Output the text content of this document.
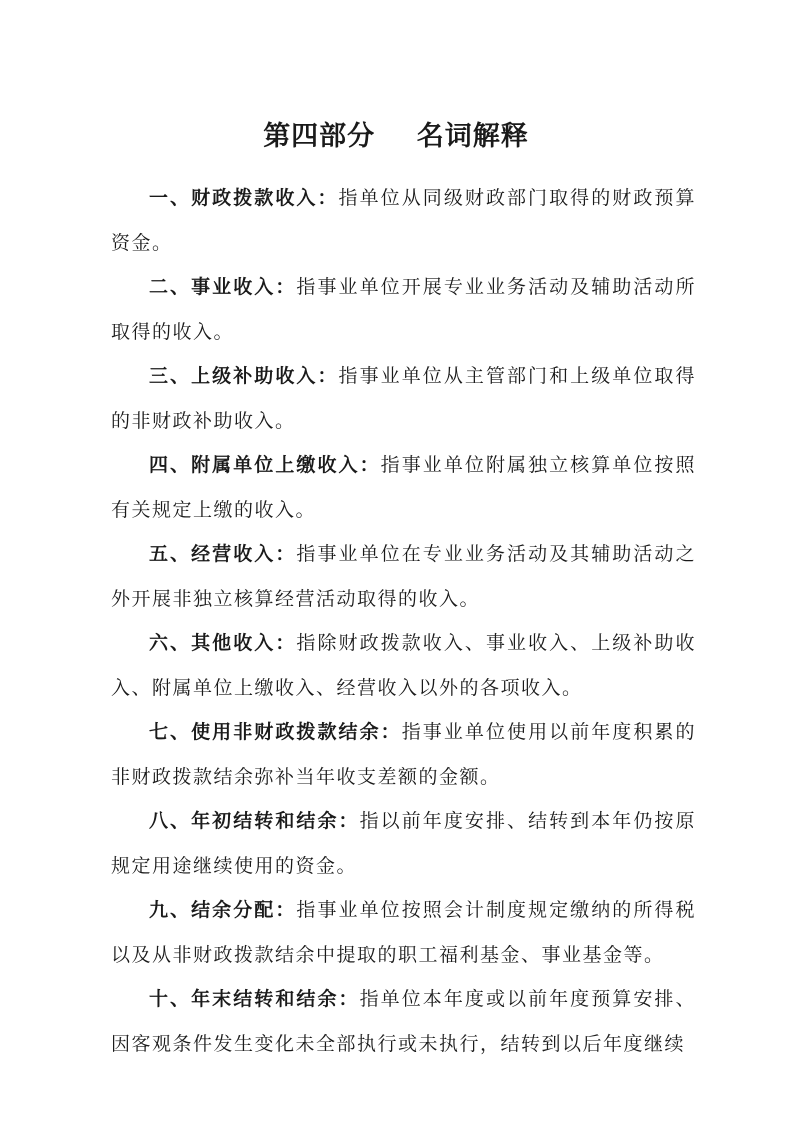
第四部分    名词解释

一、财政拨款收入：指单位从同级财政部门取得的财政预算资金。

二、事业收入：指事业单位开展专业业务活动及辅助活动所取得的收入。

三、上级补助收入：指事业单位从主管部门和上级单位取得的非财政补助收入。

四、附属单位上缴收入：指事业单位附属独立核算单位按照有关规定上缴的收入。

五、经营收入：指事业单位在专业业务活动及其辅助活动之外开展非独立核算经营活动取得的收入。

六、其他收入：指除财政拨款收入、事业收入、上级补助收入、附属单位上缴收入、经营收入以外的各项收入。

七、使用非财政拨款结余：指事业单位使用以前年度积累的非财政拨款结余弥补当年收支差额的金额。

八、年初结转和结余：指以前年度安排、结转到本年仍按原规定用途继续使用的资金。

九、结余分配：指事业单位按照会计制度规定缴纳的所得税以及从非财政拨款结余中提取的职工福利基金、事业基金等。

十、年末结转和结余：指单位本年度或以前年度预算安排、因客观条件发生变化未全部执行或未执行，结转到以后年度继续
